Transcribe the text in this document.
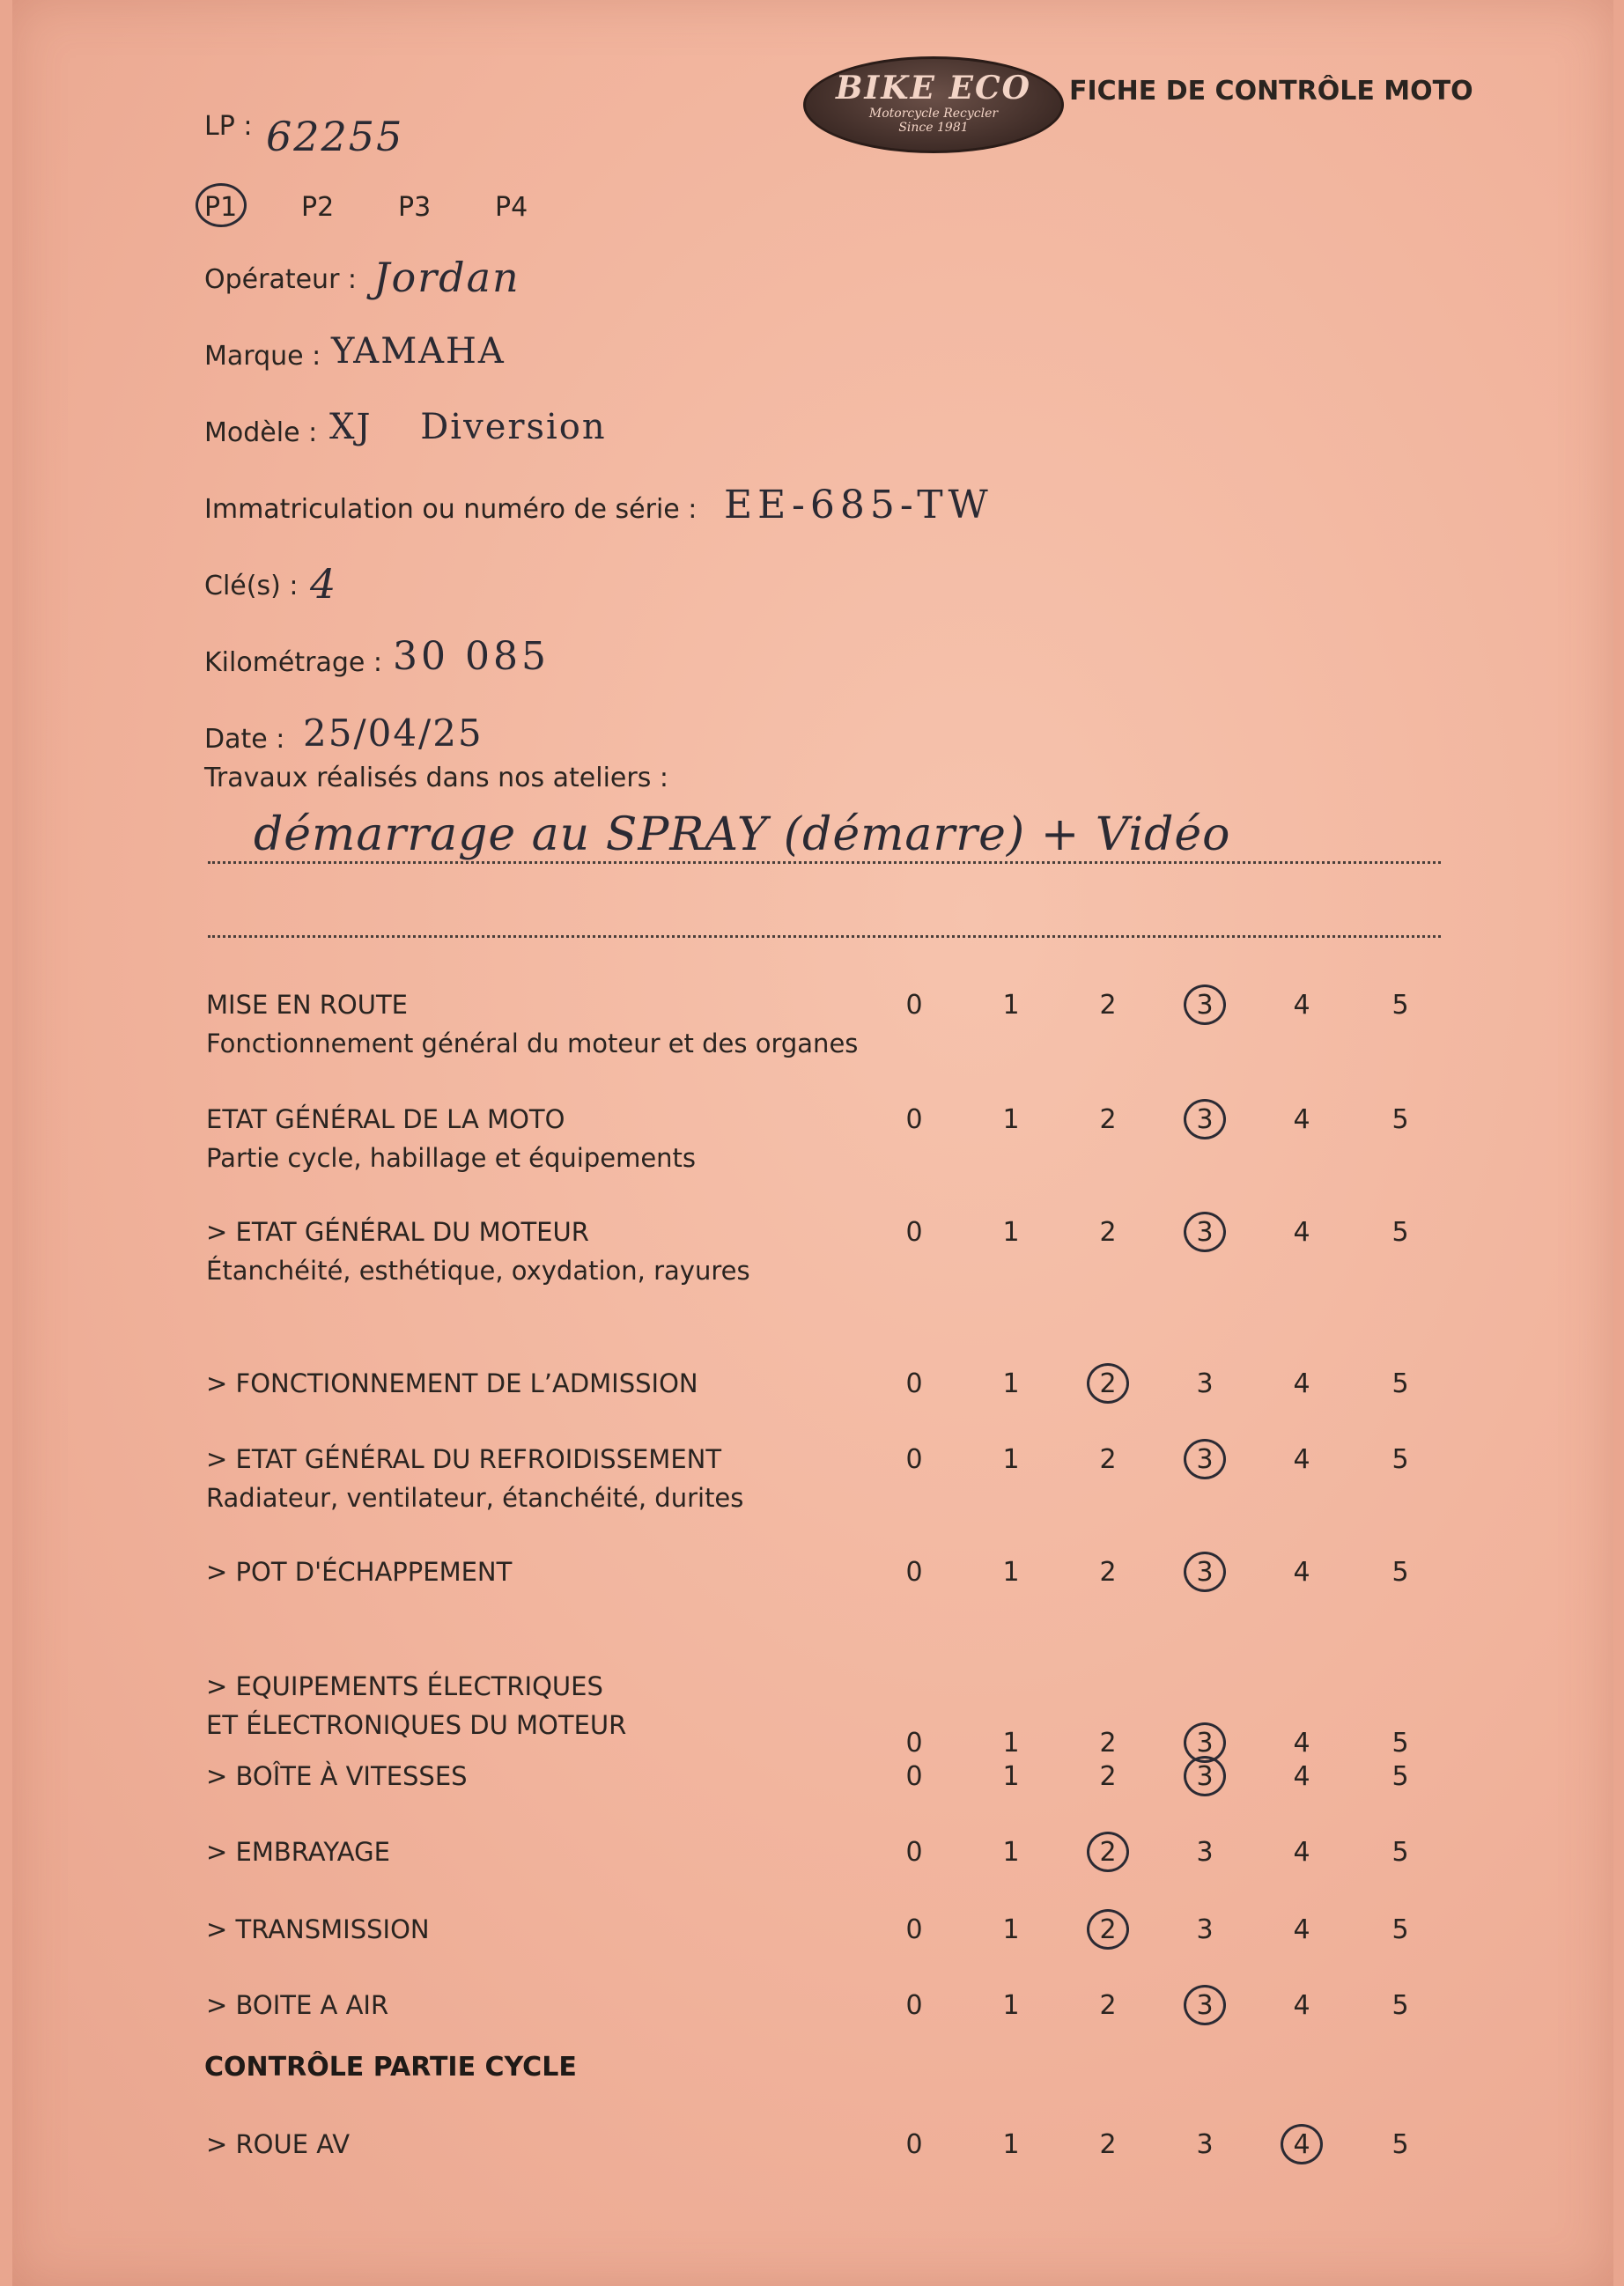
BIKE ECO
Motorcycle Recycler
Since 1981
FICHE DE CONTRÔLE MOTO
LP : 62255
P1 P2 P3 P4
Opérateur : Jordan
Marque : YAMAHA
Modèle : XJ Diversion
Immatriculation ou numéro de série : EE-685-TW
Clé(s) : 4
Kilométrage : 30 085
Date : 25/04/25
Travaux réalisés dans nos ateliers :
démarrage au SPRAY (démarre) + Vidéo
MISE EN ROUTE
Fonctionnement général du moteur et des organes
0	1	2	3	4	5
ETAT GÉNÉRAL DE LA MOTO
Partie cycle, habillage et équipements
0	1	2	3	4	5
> ETAT GÉNÉRAL DU MOTEUR
Étanchéité, esthétique, oxydation, rayures
0	1	2	3	4	5
> FONCTIONNEMENT DE L’ADMISSION	0	1	2	3	4	5
> ETAT GÉNÉRAL DU REFROIDISSEMENT
Radiateur, ventilateur, étanchéité, durites
0	1	2	3	4	5
> POT D'ÉCHAPPEMENT	0	1	2	3	4	5
> EQUIPEMENTS ÉLECTRIQUES
ET ÉLECTRONIQUES DU MOTEUR
0	1	2	3	4	5
> BOÎTE À VITESSES	0	1	2	3	4	5
> EMBRAYAGE	0	1	2	3	4	5
> TRANSMISSION	0	1	2	3	4	5
> BOITE A AIR	0	1	2	3	4	5
CONTRÔLE PARTIE CYCLE
> ROUE AV	0	1	2	3	4	5
